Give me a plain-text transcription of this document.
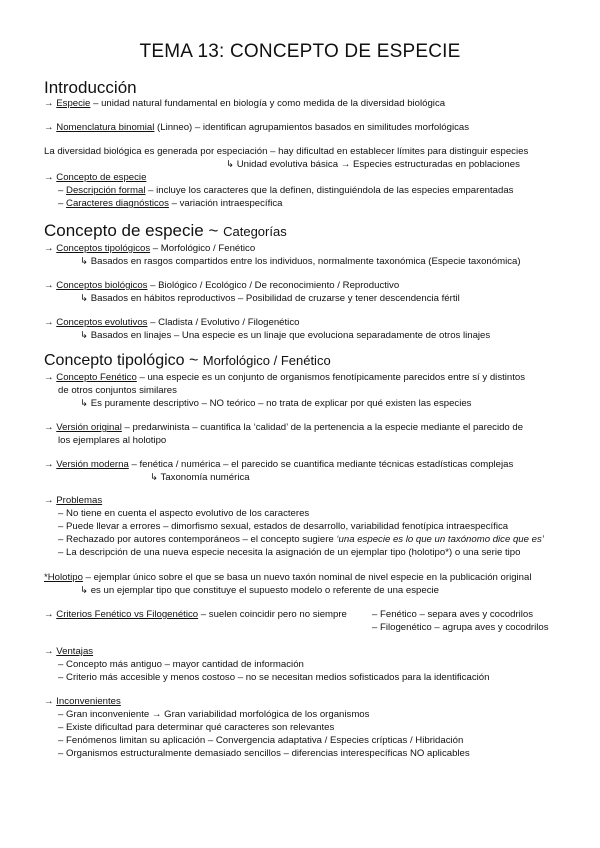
TEMA 13: CONCEPTO DE ESPECIE
Introducción
→ Especie – unidad natural fundamental en biología y como medida de la diversidad biológica
→ Nomenclatura binomial (Linneo) – identifican agrupamientos basados en similitudes morfológicas
La diversidad biológica es generada por especiación – hay dificultad en establecer límites para distinguir especies
↳ Unidad evolutiva básica → Especies estructuradas en poblaciones
→ Concepto de especie
– Descripción formal – incluye los caracteres que la definen, distinguiéndola de las especies emparentadas
– Caracteres diagnósticos – variación intraespecífica
Concepto de especie ~ Categorías
→ Conceptos tipológicos – Morfológico / Fenético
↳ Basados en rasgos compartidos entre los individuos, normalmente taxonómica (Especie taxonómica)
→ Conceptos biológicos – Biológico / Ecológico / De reconocimiento / Reproductivo
↳ Basados en hábitos reproductivos – Posibilidad de cruzarse y tener descendencia fértil
→ Conceptos evolutivos – Cladista / Evolutivo / Filogenético
↳ Basados en linajes – Una especie es un linaje que evoluciona separadamente de otros linajes
Concepto tipológico ~ Morfológico / Fenético
→ Concepto Fenético – una especie es un conjunto de organismos fenotípicamente parecidos entre sí y distintos
de otros conjuntos similares
↳ Es puramente descriptivo – NO teórico – no trata de explicar por qué existen las especies
→ Versión original – predarwinista – cuantifica la ‘calidad’ de la pertenencia a la especie mediante el parecido de
los ejemplares al holotipo
→ Versión moderna – fenética / numérica – el parecido se cuantifica mediante técnicas estadísticas complejas
↳ Taxonomía numérica
→ Problemas
– No tiene en cuenta el aspecto evolutivo de los caracteres
– Puede llevar a errores – dimorfismo sexual, estados de desarrollo, variabilidad fenotípica intraespecífica
– Rechazado por autores contemporáneos – el concepto sugiere ‘una especie es lo que un taxónomo dice que es’
– La descripción de una nueva especie necesita la asignación de un ejemplar tipo (holotipo*) o una serie tipo
*Holotipo – ejemplar único sobre el que se basa un nuevo taxón nominal de nivel especie en la publicación original
↳ es un ejemplar tipo que constituye el supuesto modelo o referente de una especie
→ Criterios Fenético vs Filogenético – suelen coincidir pero no siempre	– Fenético – separa aves y cocodrilos
– Filogenético – agrupa aves y cocodrilos
→ Ventajas
– Concepto más antiguo – mayor cantidad de información
– Criterio más accesible y menos costoso – no se necesitan medios sofisticados para la identificación
→ Inconvenientes
– Gran inconveniente → Gran variabilidad morfológica de los organismos
– Existe dificultad para determinar qué caracteres son relevantes
– Fenómenos limitan su aplicación – Convergencia adaptativa / Especies crípticas / Hibridación
– Organismos estructuralmente demasiado sencillos – diferencias interespecíficas NO aplicables
